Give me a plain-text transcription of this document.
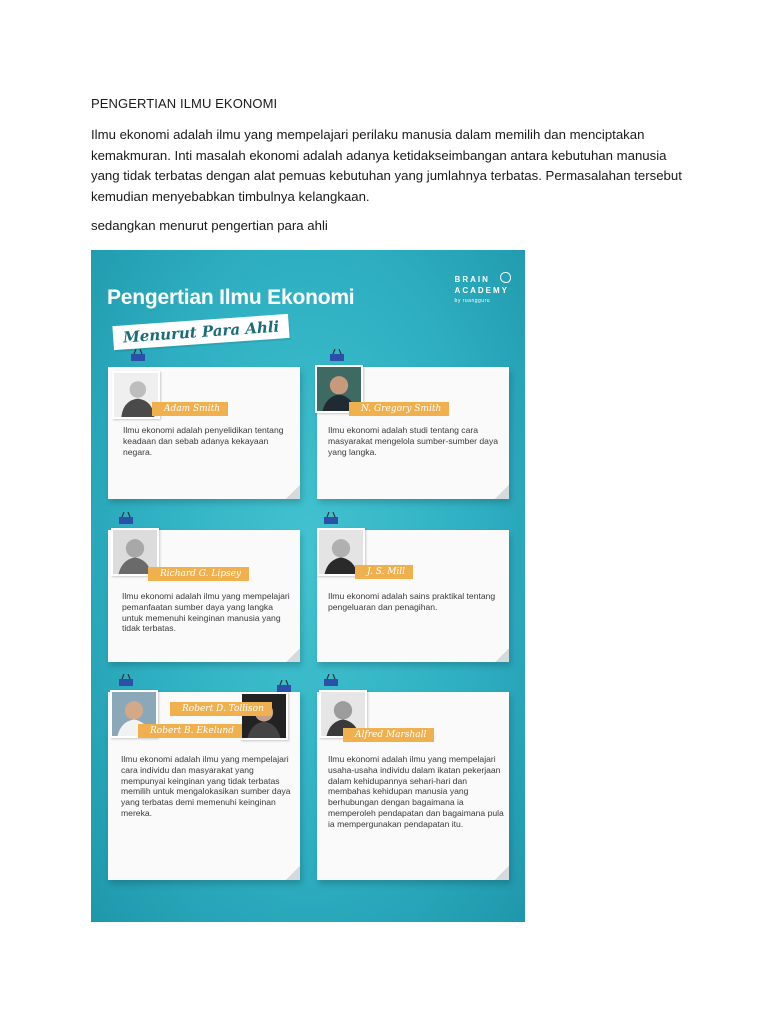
PENGERTIAN ILMU EKONOMI
Ilmu ekonomi adalah ilmu yang mempelajari perilaku manusia dalam memilih dan menciptakan kemakmuran. Inti masalah ekonomi adalah adanya ketidakseimbangan antara kebutuhan manusia yang tidak terbatas dengan alat pemuas kebutuhan yang jumlahnya terbatas. Permasalahan tersebut kemudian menyebabkan timbulnya kelangkaan.
sedangkan menurut pengertian para ahli
Pengertian Ilmu Ekonomi
Menurut Para Ahli
BRAIN
ACADEMY
by ruangguru
Adam Smith
Ilmu ekonomi adalah penyelidikan tentang keadaan dan sebab adanya kekayaan negara.
N. Gregory Smith
Ilmu ekonomi adalah studi tentang cara masyarakat mengelola sumber-sumber daya yang langka.
Richard G. Lipsey
Ilmu ekonomi adalah ilmu yang mempelajari pemanfaatan sumber daya yang langka untuk memenuhi keinginan manusia yang tidak terbatas.
J. S. Mill
Ilmu ekonomi adalah sains praktikal tentang pengeluaran dan penagihan.
Robert D. Tollison
Robert B. Ekelund
Ilmu ekonomi adalah ilmu yang mempelajari cara individu dan masyarakat yang mempunyai keinginan yang tidak terbatas memilih untuk mengalokasikan sumber daya yang terbatas demi memenuhi keinginan mereka.
Alfred Marshall
Ilmu ekonomi adalah ilmu yang mempelajari usaha-usaha individu dalam ikatan pekerjaan dalam kehidupannya sehari-hari dan membahas kehidupan manusia yang berhubungan dengan bagaimana ia memperoleh pendapatan dan bagaimana pula ia mempergunakan pendapatan itu.
